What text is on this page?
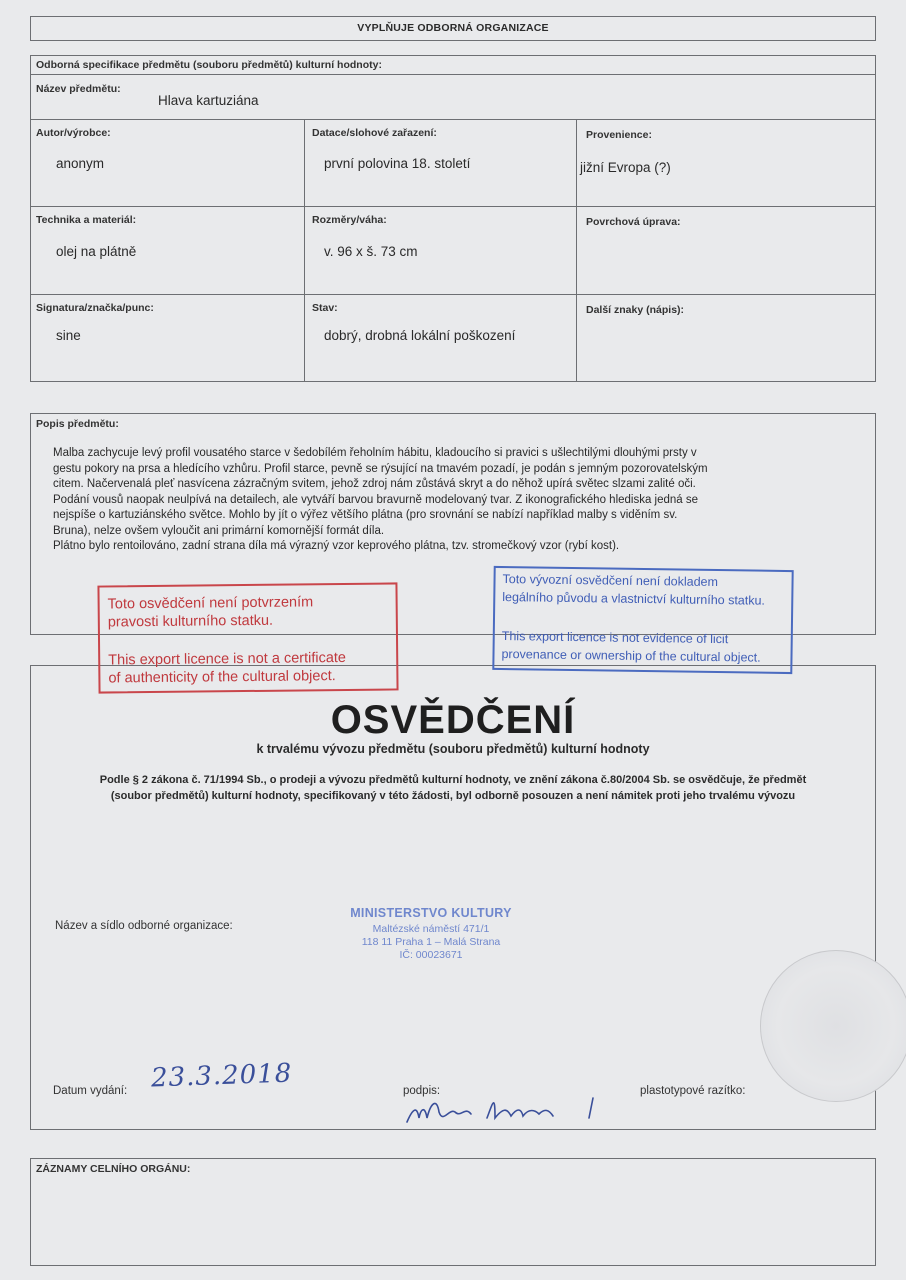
VYPLŇUJE ODBORNÁ ORGANIZACE
Odborná specifikace předmětu (souboru předmětů) kulturní hodnoty:
Název předmětu:
Hlava kartuziána
Autor/výrobce:
anonym
Datace/slohové zařazení:
první polovina 18. století
Provenience:
jižní Evropa (?)
Technika a materiál:
olej na plátně
Rozměry/váha:
v. 96 x š. 73 cm
Povrchová úprava:
Signatura/značka/punc:
sine
Stav:
dobrý, drobná lokální poškození
Další znaky (nápis):
Popis předmětu:

Malba zachycuje levý profil vousatého starce v šedobílém řeholním hábitu, kladoucího si pravici s ušlechtilými dlouhými prsty v

gestu pokory na prsa a hledícího vzhůru. Profil starce, pevně se rýsující na tmavém pozadí, je podán s jemným pozorovatelským

citem. Načervenalá pleť nasvícena zázračným svitem, jehož zdroj nám zůstává skryt a do něhož upírá světec slzami zalité oči.

Podání vousů naopak neulpívá na detailech, ale vytváří barvou bravurně modelovaný tvar. Z ikonografického hlediska jedná se

nejspíše o kartuziánského světce. Mohlo by jít o výřez většího plátna (pro srovnání se nabízí například malby s viděním sv.

Bruna), nelze ovšem vyloučit ani primární komornější formát díla.

Plátno bylo rentoilováno, zadní strana díla má výrazný vzor keprového plátna, tzv. stromečkový vzor (rybí kost).

OSVĚDČENÍ
k trvalému vývozu předmětu (souboru předmětů) kulturní hodnoty
Podle § 2 zákona č. 71/1994 Sb., o prodeji a vývozu předmětů kulturní hodnoty, ve znění zákona č.80/2004 Sb. se osvědčuje, že předmět
(soubor předmětů) kulturní hodnoty, specifikovaný v této žádosti, byl odborně posouzen a není námitek proti jeho trvalému vývozu
Název a sídlo odborné organizace:
MINISTERSTVO KULTURY
Maltézské náměstí 471/1
118 11 Praha 1 – Malá Strana
IČ: 00023671
Datum vydání: 23.3.2018	podpis:	plastotypové razítko:
Toto osvědčení není potvrzením
pravosti kulturního statku.
This export licence is not a certificate
of authenticity of the cultural object.
Toto vývozní osvědčení není dokladem
legálního původu a vlastnictví kulturního statku.
This export licence is not evidence of licit
provenance or ownership of the cultural object.
ZÁZNAMY CELNÍHO ORGÁNU:
